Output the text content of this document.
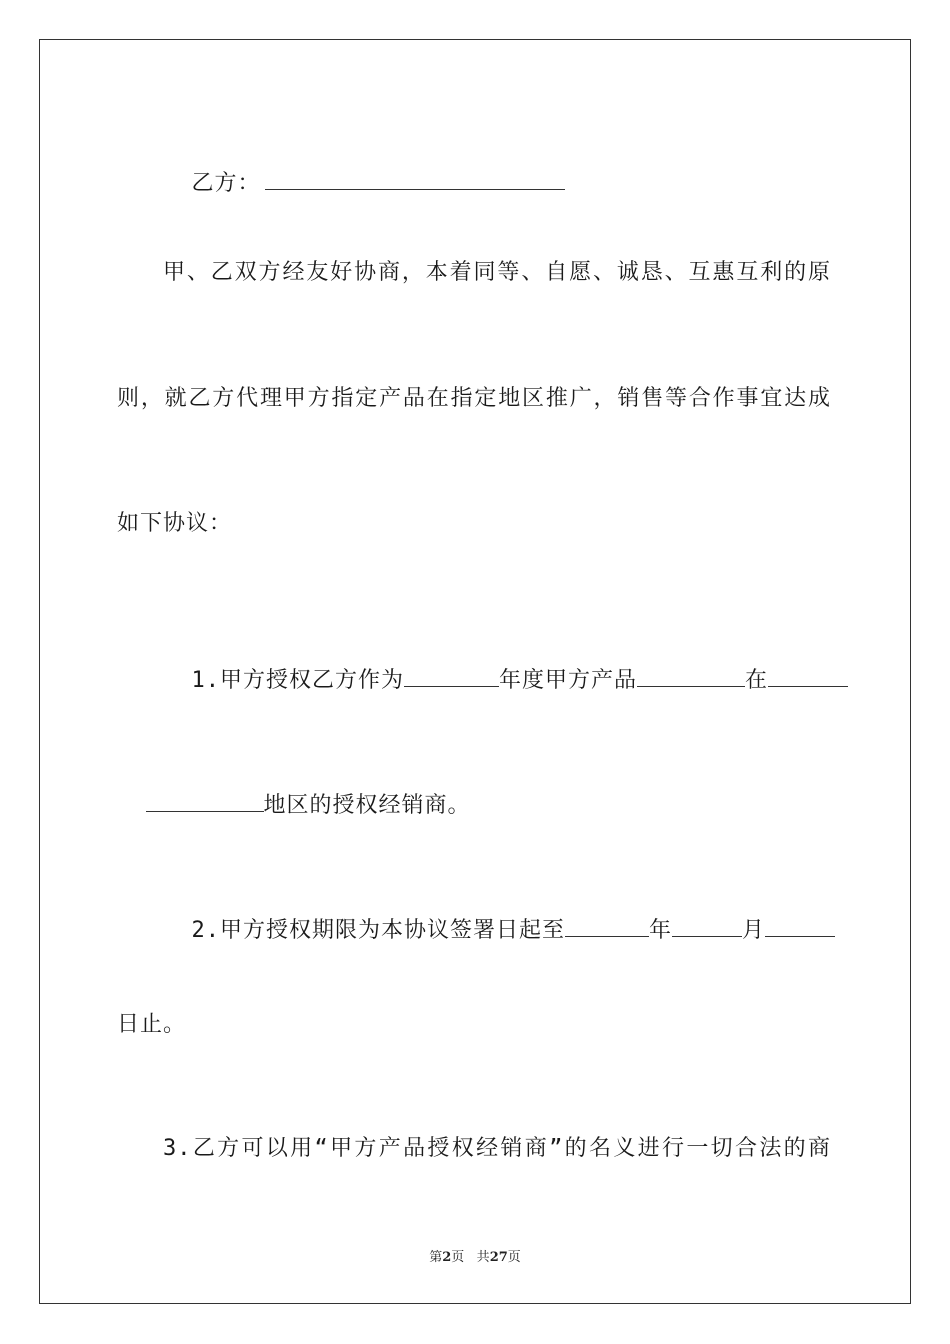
乙方：

甲、乙双方经友好协商，本着同等、自愿、诚恳、互惠互利的原
则，就乙方代理甲方指定产品在指定地区推广，销售等合作事宜达成
如下协议：

1.甲方授权乙方作为	年度甲方产品	在

地区的授权经销商。

2.甲方授权期限为本协议签署日起至	年	月

日止。
3.乙方可以用“甲方产品授权经销商”的名义进行一切合法的商
第2页 共27页
